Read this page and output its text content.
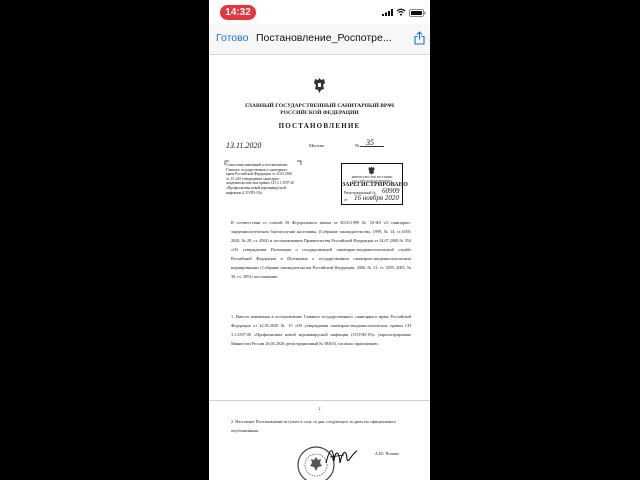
14:32
Готово Постановление_Роспотре...
ГЛАВНЫЙ ГОСУДАРСТВЕННЫЙ САНИТАРНЫЙ ВРАЧ
РОССИЙСКОЙ ФЕДЕРАЦИИ
ПОСТАНОВЛЕНИЕ
13.11.2020	Москва	№ 35
О внесении изменений в постановление Главного государственного санитарного врача Российской Федерации от 22.05.2020 № 15 «Об утверждении санитарно-эпидемиологических правил СП 3.1.3597-20 «Профилактика новой коронавирусной инфекции (COVID-19)»
МИНИСТЕРСТВО ЮСТИЦИИ РОССИЙСКОЙ ФЕДЕРАЦИИ
ЗАРЕГИСТРИРОВАНО
Регистрационный № 60909
от 16 ноября 2020
В соответствии со статьей 39 Федерального закона от 30.03.1999 № 52-ФЗ «О санитарно-эпидемиологическом благополучии населения» (Собрание законодательства, 1999, № 14, ст.1650; 2020, № 29, ст. 4504) и постановлением Правительства Российской Федерации от 24.07.2000 № 554 «Об утверждении Положения о государственной санитарно-эпидемиологической службе Российской Федерации и Положения о государственном санитарно-эпидемиологическом нормировании» (Собрание законодательства Российской Федерации, 2000, № 31, ст. 3295; 2005, № 39, ст. 3953) постановляю:
1. Внести изменения в постановление Главного государственного санитарного врача Российской Федерации от 22.05.2020 № 15 «Об утверждении санитарно-эпидемиологических правил СП 3.1.3597-20 «Профилактика новой коронавирусной инфекции (COVID-19)» (зарегистрировано Минюстом России 26.05.2020, регистрационный № 58465), согласно приложению.
2
2. Настоящее Постановление вступает в силу со дня, следующего за днем его официального опубликования.
А.Ю. Попова
